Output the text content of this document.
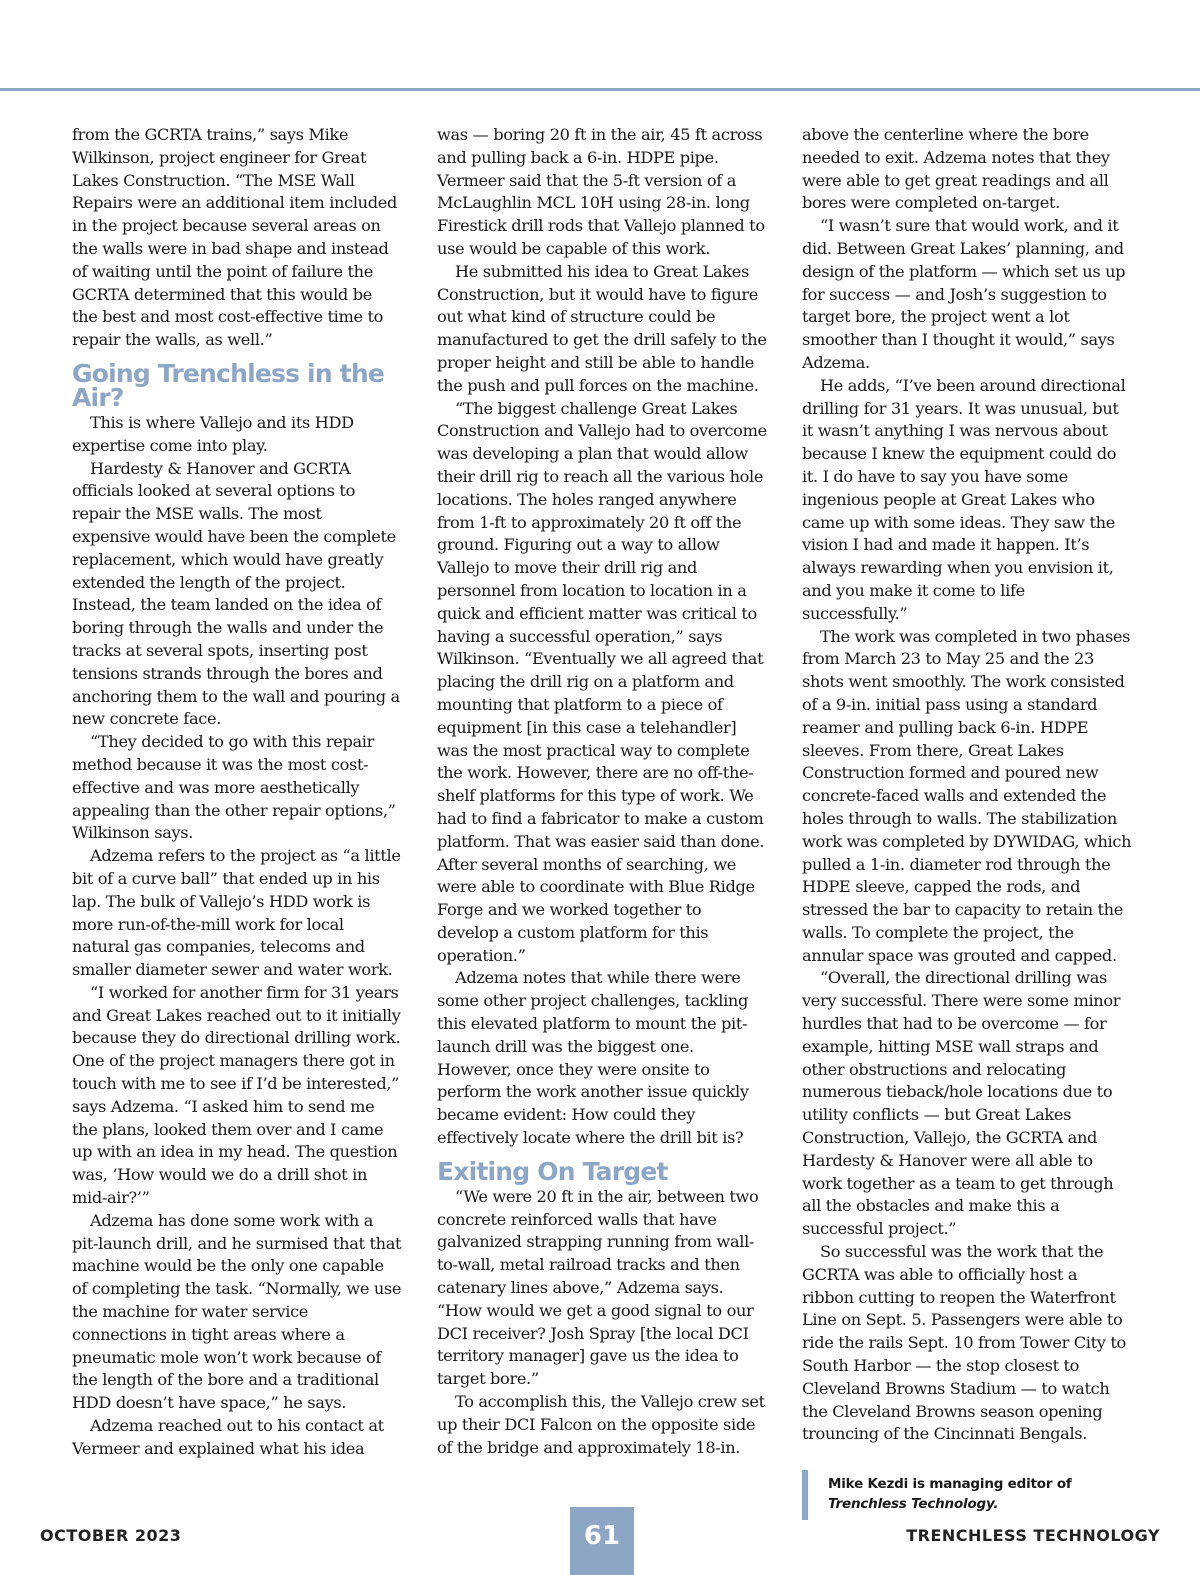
from the GCRTA trains,” says Mike Wilkinson, project engineer for Great Lakes Construction. “The MSE Wall Repairs were an additional item included in the project because several areas on the walls were in bad shape and instead of waiting until the point of failure the GCRTA determined that this would be the best and most cost-effective time to repair the walls, as well.”

Going Trenchless in the Air?

This is where Vallejo and its HDD expertise come into play.

Hardesty & Hanover and GCRTA officials looked at several options to repair the MSE walls. The most expensive would have been the complete replacement, which would have greatly extended the length of the project. Instead, the team landed on the idea of boring through the walls and under the tracks at several spots, inserting post tensions strands through the bores and anchoring them to the wall and pouring a new concrete face.

“They decided to go with this repair method because it was the most cost-effective and was more aesthetically appealing than the other repair options,” Wilkinson says.

Adzema refers to the project as “a little bit of a curve ball” that ended up in his lap. The bulk of Vallejo’s HDD work is more run-of-the-mill work for local natural gas companies, telecoms and smaller diameter sewer and water work.

“I worked for another firm for 31 years and Great Lakes reached out to it initially because they do directional drilling work. One of the project managers there got in touch with me to see if I’d be interested,” says Adzema. “I asked him to send me the plans, looked them over and I came up with an idea in my head. The question was, ‘How would we do a drill shot in mid-air?’”

Adzema has done some work with a pit-launch drill, and he surmised that that machine would be the only one capable of completing the task. “Normally, we use the machine for water service connections in tight areas where a pneumatic mole won’t work because of the length of the bore and a traditional HDD doesn’t have space,” he says.

Adzema reached out to his contact at Vermeer and explained what his idea

was — boring 20 ft in the air, 45 ft across and pulling back a 6-in. HDPE pipe. Vermeer said that the 5-ft version of a McLaughlin MCL 10H using 28-in. long Firestick drill rods that Vallejo planned to use would be capable of this work.

He submitted his idea to Great Lakes Construction, but it would have to figure out what kind of structure could be manufactured to get the drill safely to the proper height and still be able to handle the push and pull forces on the machine.

“The biggest challenge Great Lakes Construction and Vallejo had to overcome was developing a plan that would allow their drill rig to reach all the various hole locations. The holes ranged anywhere from 1-ft to approximately 20 ft off the ground. Figuring out a way to allow Vallejo to move their drill rig and personnel from location to location in a quick and efficient matter was critical to having a successful operation,” says Wilkinson. “Eventually we all agreed that placing the drill rig on a platform and mounting that platform to a piece of equipment [in this case a telehandler] was the most practical way to complete the work. However, there are no off-the-shelf platforms for this type of work. We had to find a fabricator to make a custom platform. That was easier said than done. After several months of searching, we were able to coordinate with Blue Ridge Forge and we worked together to develop a custom platform for this operation.”

Adzema notes that while there were some other project challenges, tackling this elevated platform to mount the pit-launch drill was the biggest one. However, once they were onsite to perform the work another issue quickly became evident: How could they effectively locate where the drill bit is?

Exiting On Target

“We were 20 ft in the air, between two concrete reinforced walls that have galvanized strapping running from wall-to-wall, metal railroad tracks and then catenary lines above,” Adzema says. “How would we get a good signal to our DCI receiver? Josh Spray [the local DCI territory manager] gave us the idea to target bore.”

To accomplish this, the Vallejo crew set up their DCI Falcon on the opposite side of the bridge and approximately 18-in.

above the centerline where the bore needed to exit. Adzema notes that they were able to get great readings and all bores were completed on-target.

“I wasn’t sure that would work, and it did. Between Great Lakes’ planning, and design of the platform — which set us up for success — and Josh’s suggestion to target bore, the project went a lot smoother than I thought it would,” says Adzema.

He adds, “I’ve been around directional drilling for 31 years. It was unusual, but it wasn’t anything I was nervous about because I knew the equipment could do it. I do have to say you have some ingenious people at Great Lakes who came up with some ideas. They saw the vision I had and made it happen. It’s always rewarding when you envision it, and you make it come to life successfully.”

The work was completed in two phases from March 23 to May 25 and the 23 shots went smoothly. The work consisted of a 9-in. initial pass using a standard reamer and pulling back 6-in. HDPE sleeves. From there, Great Lakes Construction formed and poured new concrete-faced walls and extended the holes through to walls. The stabilization work was completed by DYWIDAG, which pulled a 1-in. diameter rod through the HDPE sleeve, capped the rods, and stressed the bar to capacity to retain the walls. To complete the project, the annular space was grouted and capped.

“Overall, the directional drilling was very successful. There were some minor hurdles that had to be overcome — for example, hitting MSE wall straps and other obstructions and relocating numerous tieback/hole locations due to utility conflicts — but Great Lakes Construction, Vallejo, the GCRTA and Hardesty & Hanover were all able to work together as a team to get through all the obstacles and make this a successful project.”

So successful was the work that the GCRTA was able to officially host a ribbon cutting to reopen the Waterfront Line on Sept. 5. Passengers were able to ride the rails Sept. 10 from Tower City to South Harbor — the stop closest to Cleveland Browns Stadium — to watch the Cleveland Browns season opening trouncing of the Cincinnati Bengals.

Mike Kezdi is managing editor of
Trenchless Technology.
OCTOBER 2023	61	TRENCHLESS TECHNOLOGY
